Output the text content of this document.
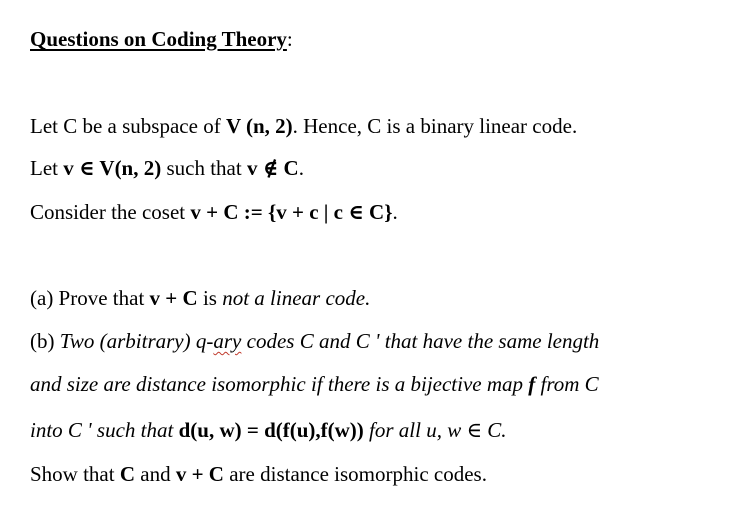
Questions on Coding Theory:
Let C be a subspace of V (n, 2). Hence, C is a binary linear code.
Let v ∈ V(n, 2) such that v ∉ C.
Consider the coset v + C := {v + c | c ∈ C}.
(a) Prove that v + C is not a linear code.
(b) Two (arbitrary) q-ary codes C and C ' that have the same length
and size are distance isomorphic if there is a bijective map f from C
into C ' such that d(u, w) = d(f(u),f(w)) for all u, w ∈ C.
Show that C and v + C are distance isomorphic codes.
